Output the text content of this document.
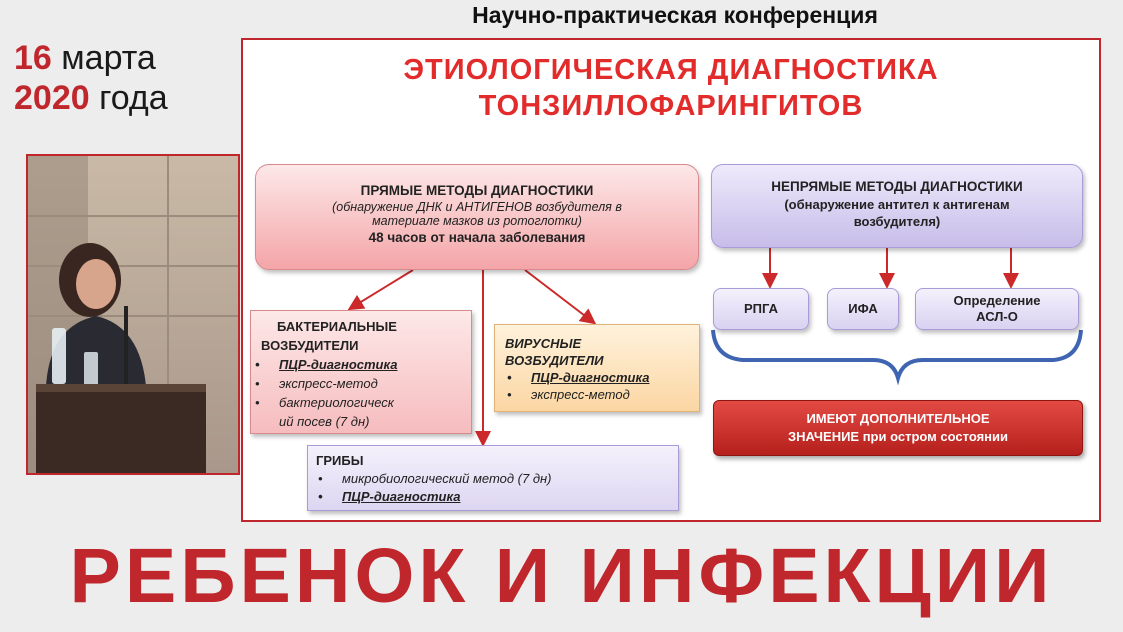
Научно-практическая конференция
16 марта
2020 года
ЭТИОЛОГИЧЕСКАЯ ДИАГНОСТИКА
ТОНЗИЛЛОФАРИНГИТОВ
ПРЯМЫЕ МЕТОДЫ ДИАГНОСТИКИ
(обнаружение ДНК и АНТИГЕНОВ возбудителя в
материале мазков из ротоглотки)
48 часов от начала заболевания
НЕПРЯМЫЕ МЕТОДЫ ДИАГНОСТИКИ
(обнаружение антител к антигенам
возбудителя)
РПГА	ИФА
Определение
АСЛ-О
БАКТЕРИАЛЬНЫЕ
ВОЗБУДИТЕЛИ
• ПЦР-диагностика
• экспресс-метод
• бактериологическ
ий посев (7 дн)
ВИРУСНЫЕ
ВОЗБУДИТЕЛИ
• ПЦР-диагностика
• экспресс-метод
ГРИБЫ
• микробиологический метод (7 дн)
• ПЦР-диагностика
ИМЕЮТ ДОПОЛНИТЕЛЬНОЕ
ЗНАЧЕНИЕ при остром состоянии
РЕБЕНОК И ИНФЕКЦИИ
